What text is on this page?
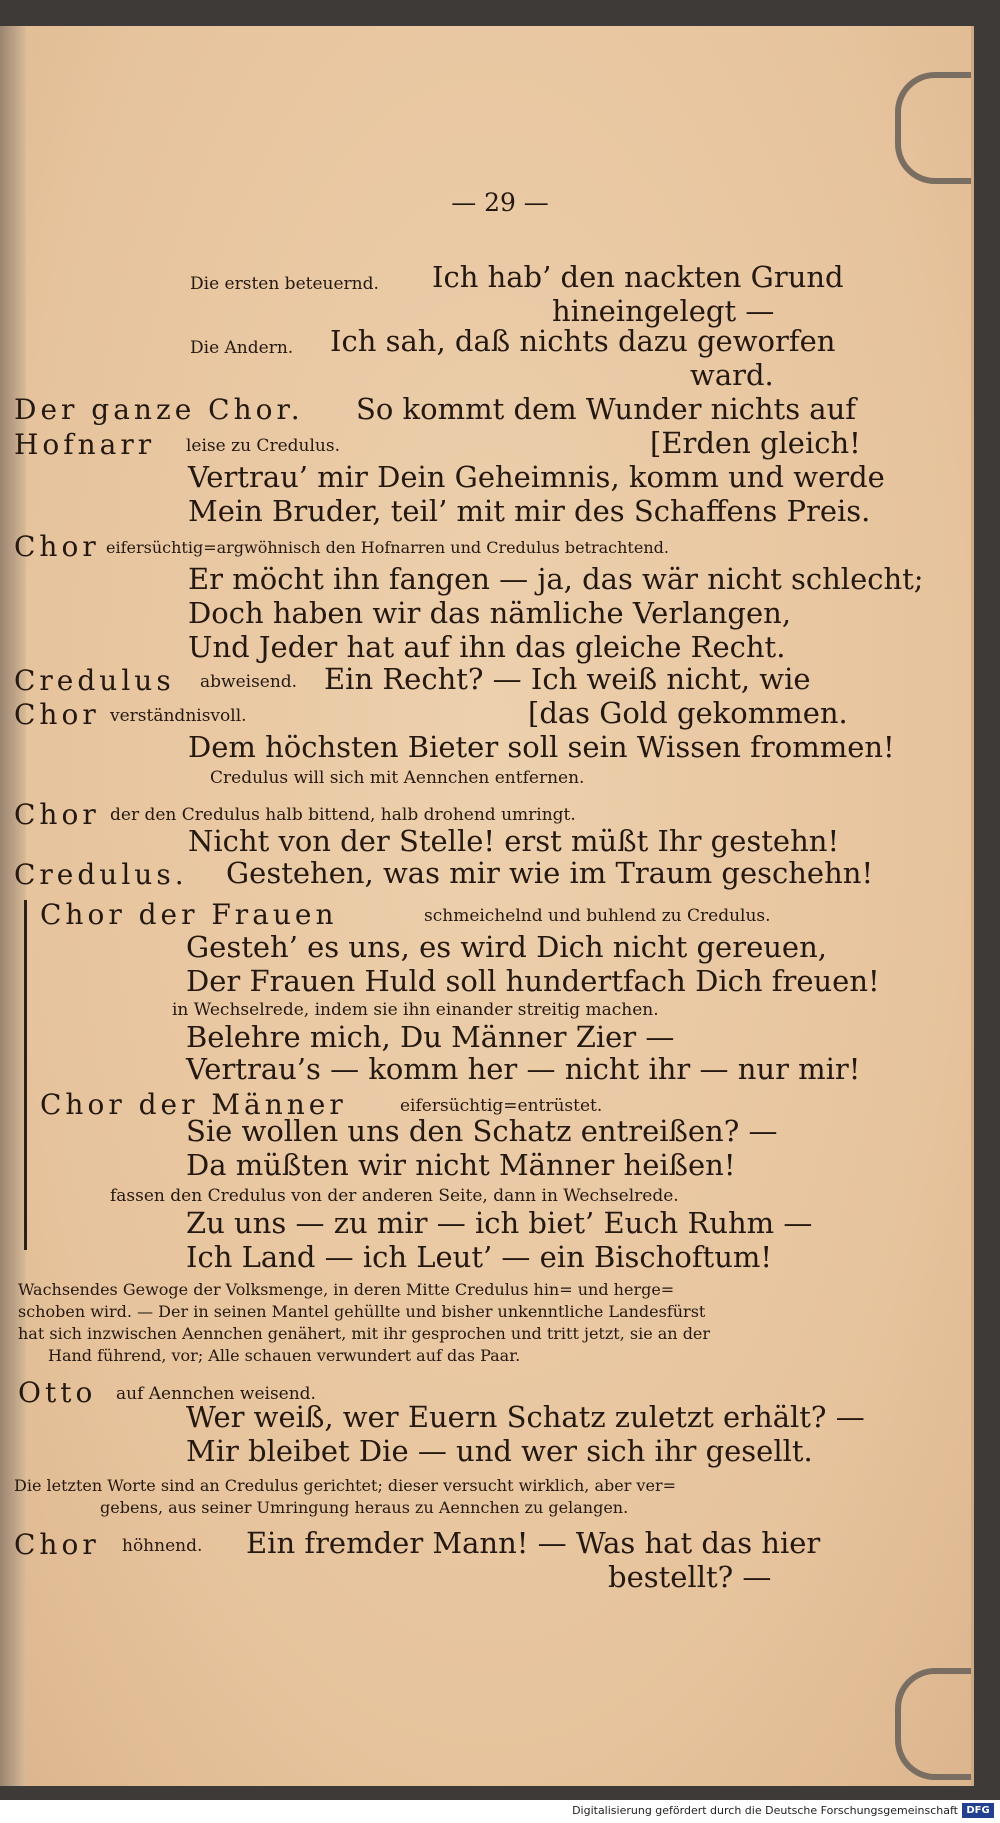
— 29 —
Die ersten beteuernd. Ich hab’ den nackten Grund
hineingelegt —
Die Andern. Ich sah, daß nichts dazu geworfen
ward.
Der ganze Chor. So kommt dem Wunder nichts auf
Hofnarr leise zu Credulus.	[Erden gleich!
Vertrau’ mir Dein Geheimnis, komm und werde
Mein Bruder, teil’ mit mir des Schaffens Preis.
Chor eifersüchtig=argwöhnisch den Hofnarren und Credulus betrachtend.
Er möcht ihn fangen — ja, das wär nicht schlecht;
Doch haben wir das nämliche Verlangen,
Und Jeder hat auf ihn das gleiche Recht.
Credulus abweisend. Ein Recht? — Ich weiß nicht, wie
Chor verständnisvoll.	[das Gold gekommen.
Dem höchsten Bieter soll sein Wissen frommen!
Credulus will sich mit Aennchen entfernen.
Chor der den Credulus halb bittend, halb drohend umringt.
Nicht von der Stelle! erst müßt Ihr gestehn!
Credulus. Gestehen, was mir wie im Traum geschehn!
Chor der Frauen	schmeichelnd und buhlend zu Credulus.
Gesteh’ es uns, es wird Dich nicht gereuen,
Der Frauen Huld soll hundertfach Dich freuen!
in Wechselrede, indem sie ihn einander streitig machen.
Belehre mich, Du Männer Zier —
Vertrau’s — komm her — nicht ihr — nur mir!
Chor der Männer	eifersüchtig=entrüstet.
Sie wollen uns den Schatz entreißen? —
Da müßten wir nicht Männer heißen!
fassen den Credulus von der anderen Seite, dann in Wechselrede.
Zu uns — zu mir — ich biet’ Euch Ruhm —
Ich Land — ich Leut’ — ein Bischoftum!
Wachsendes Gewoge der Volksmenge, in deren Mitte Credulus hin= und herge=
schoben wird. — Der in seinen Mantel gehüllte und bisher unkenntliche Landesfürst
hat sich inzwischen Aennchen genähert, mit ihr gesprochen und tritt jetzt, sie an der
Hand führend, vor; Alle schauen verwundert auf das Paar.
Otto auf Aennchen weisend.
Wer weiß, wer Euern Schatz zuletzt erhält? —
Mir bleibet Die — und wer sich ihr gesellt.
Die letzten Worte sind an Credulus gerichtet; dieser versucht wirklich, aber ver=
gebens, aus seiner Umringung heraus zu Aennchen zu gelangen.
Chor höhnend. Ein fremder Mann! — Was hat das hier
bestellt? —
Digitalisierung gefördert durch die Deutsche Forschungsgemeinschaft DFG
